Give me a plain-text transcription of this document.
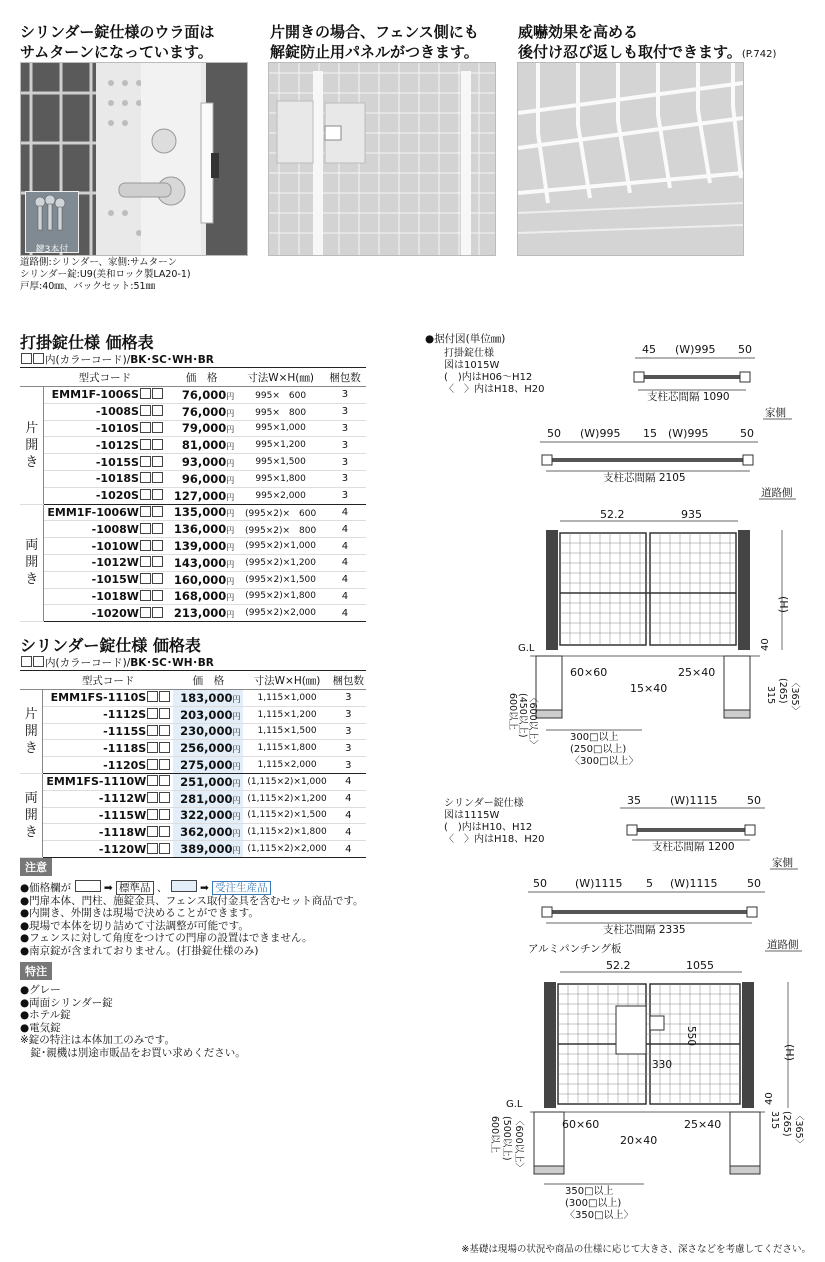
シリンダー錠仕様のウラ面は
サムターンになっています。
片開きの場合、フェンス側にも
解錠防止用パネルがつきます。
威嚇効果を高める
後付け忍び返しも取付できます。(P.742)
鍵3本付
道路側:シリンダー、家側:サムターン
シリンダー錠:U9(美和ロック製LA20-1)
戸厚:40㎜、バックセット:51㎜
打掛錠仕様 価格表
内(カラーコード)/BK･SC･WH･BR
	型式コード	価　格	寸法W×H(㎜)	梱包数

片
開
き	EMM1F-1006S	76,000円	995×　600	3
	-1008S	76,000円	995×　800	3
	-1010S	79,000円	995×1,000	3
	-1012S	81,000円	995×1,200	3
	-1015S	93,000円	995×1,500	3
	-1018S	96,000円	995×1,800	3
	-1020S	127,000円	995×2,000	3

両
開
き	EMM1F-1006W	135,000円	(995×2)×　600	4
	-1008W	136,000円	(995×2)×　800	4
	-1010W	139,000円	(995×2)×1,000	4
	-1012W	143,000円	(995×2)×1,200	4
	-1015W	160,000円	(995×2)×1,500	4
	-1018W	168,000円	(995×2)×1,800	4
	-1020W	213,000円	(995×2)×2,000	4
シリンダー錠仕様 価格表
内(カラーコード)/BK･SC･WH･BR
	型式コード	価　格	寸法W×H(㎜)	梱包数

片
開
き	EMM1FS-1110S	183,000円	1,115×1,000	3
	-1112S	203,000円	1,115×1,200	3
	-1115S	230,000円	1,115×1,500	3
	-1118S	256,000円	1,115×1,800	3
	-1120S	275,000円	1,115×2,000	3

両
開
き	EMM1FS-1110W	251,000円	(1,115×2)×1,000	4
	-1112W	281,000円	(1,115×2)×1,200	4
	-1115W	322,000円	(1,115×2)×1,500	4
	-1118W	362,000円	(1,115×2)×1,800	4
	-1120W	389,000円	(1,115×2)×2,000	4
注意
●価格欄が	➡ 標準品 、  ➡ 受注生産品
●門扉本体、門柱、施錠金具、フェンス取付金具を含むセット商品です。
●内開き、外開きは現場で決めることができます。
●現場で本体を切り詰めて寸法調整が可能です。
●フェンスに対して角度をつけての門扉の設置はできません。
●南京錠が含まれておりません。(打掛錠仕様のみ)
特注
●グレー
●両面シリンダー錠
●ホテル錠
●電気錠
※錠の特注は本体加工のみです。
　錠･親機は別途市販品をお買い求めください。
●据付図(単位㎜)
打掛錠仕様
図は1015W
(　)内はH06～H12
〈　〉内はH18、H20
45 (W)995 50
支柱芯間隔 1090
家側
50 (W)995 15 (W)995	50
支柱芯間隔 2105
道路側
52.2	935
(H)
40
G.L
60×60	25×40
15×40	315 (265) 〈365〉
600以上 (450以上) 〈600以上〉	300□以上
(250□以上)
〈300□以上〉
シリンダー錠仕様
図は1115W
(　)内はH10、H12
〈　〉内はH18、H20
35	(W)1115	50
支柱芯間隔 1200
家側
50	(W)1115 5 (W)1115	50
支柱芯間隔 2335
道路側
アルミパンチング板
52.2	1055
550
330
(H)
40
G.L
60×60	25×40
20×40
315 (265) 〈365〉
600以上 (500以上) 〈600以上〉
350□以上
(300□以上)
〈350□以上〉
※基礎は現場の状況や商品の仕様に応じて大きさ、深さなどを考慮してください。
